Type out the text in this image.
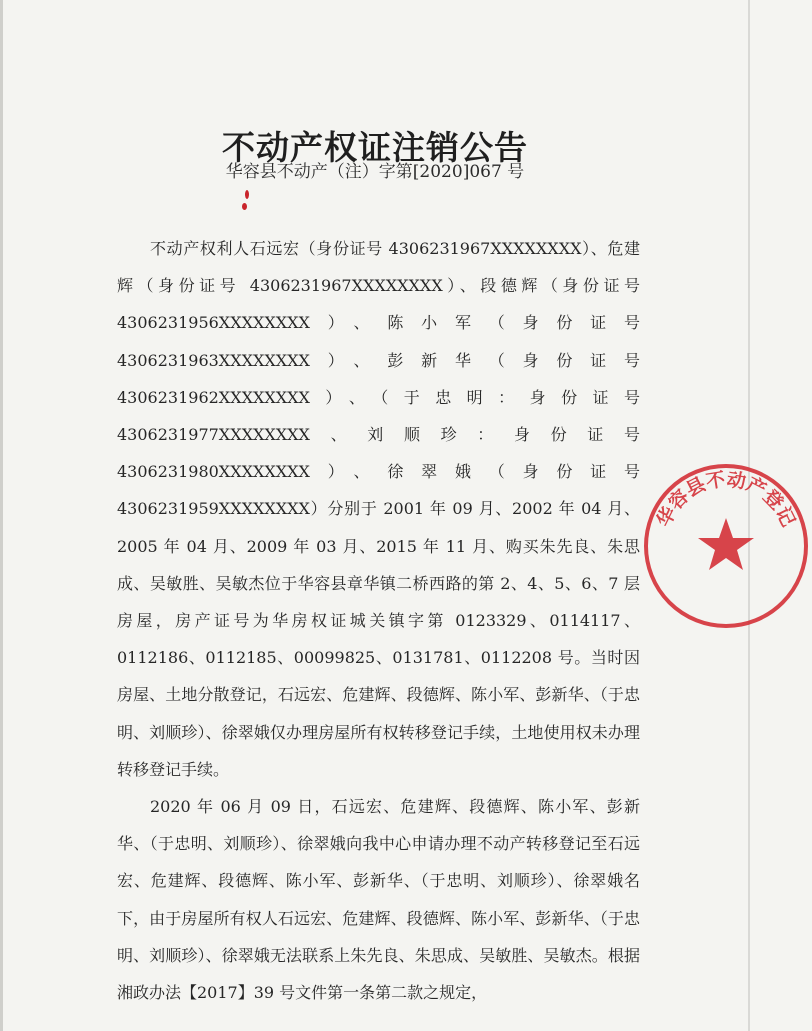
不动产权证注销公告
华容县不动产（注）字第[2020]067 号

不动产权利人石远宏（身份证号 4306231967XXXXXXXX）、危建辉（身份证号 4306231967XXXXXXXX）、段德辉（身份证号 4306231956XXXXXXXX）、陈小军（身份证号 4306231963XXXXXXXX）、彭新华（身份证号 4306231962XXXXXXXX）、（于忠明：身份证号 4306231977XXXXXXXX、刘顺珍：身份证号 4306231980XXXXXXXX）、徐翠娥（身份证号 4306231959XXXXXXXX）分别于 2001 年 09 月、2002 年 04 月、2005 年 04 月、2009 年 03 月、2015 年 11 月、购买朱先良、朱思成、吴敏胜、吴敏杰位于华容县章华镇二桥西路的第 2、4、5、6、7 层房屋，房产证号为华房权证城关镇字第 0123329、0114117、0112186、0112185、00099825、0131781、0112208 号。当时因房屋、土地分散登记，石远宏、危建辉、段德辉、陈小军、彭新华、（于忠明、刘顺珍）、徐翠娥仅办理房屋所有权转移登记手续，土地使用权未办理转移登记手续。

2020 年 06 月 09 日，石远宏、危建辉、段德辉、陈小军、彭新华、（于忠明、刘顺珍）、徐翠娥向我中心申请办理不动产转移登记至石远宏、危建辉、段德辉、陈小军、彭新华、（于忠明、刘顺珍）、徐翠娥名下，由于房屋所有权人石远宏、危建辉、段德辉、陈小军、彭新华、（于忠明、刘顺珍）、徐翠娥无法联系上朱先良、朱思成、吴敏胜、吴敏杰。根据湘政办法【2017】39 号文件第一条第二款之规定，

华容县不动产登记
